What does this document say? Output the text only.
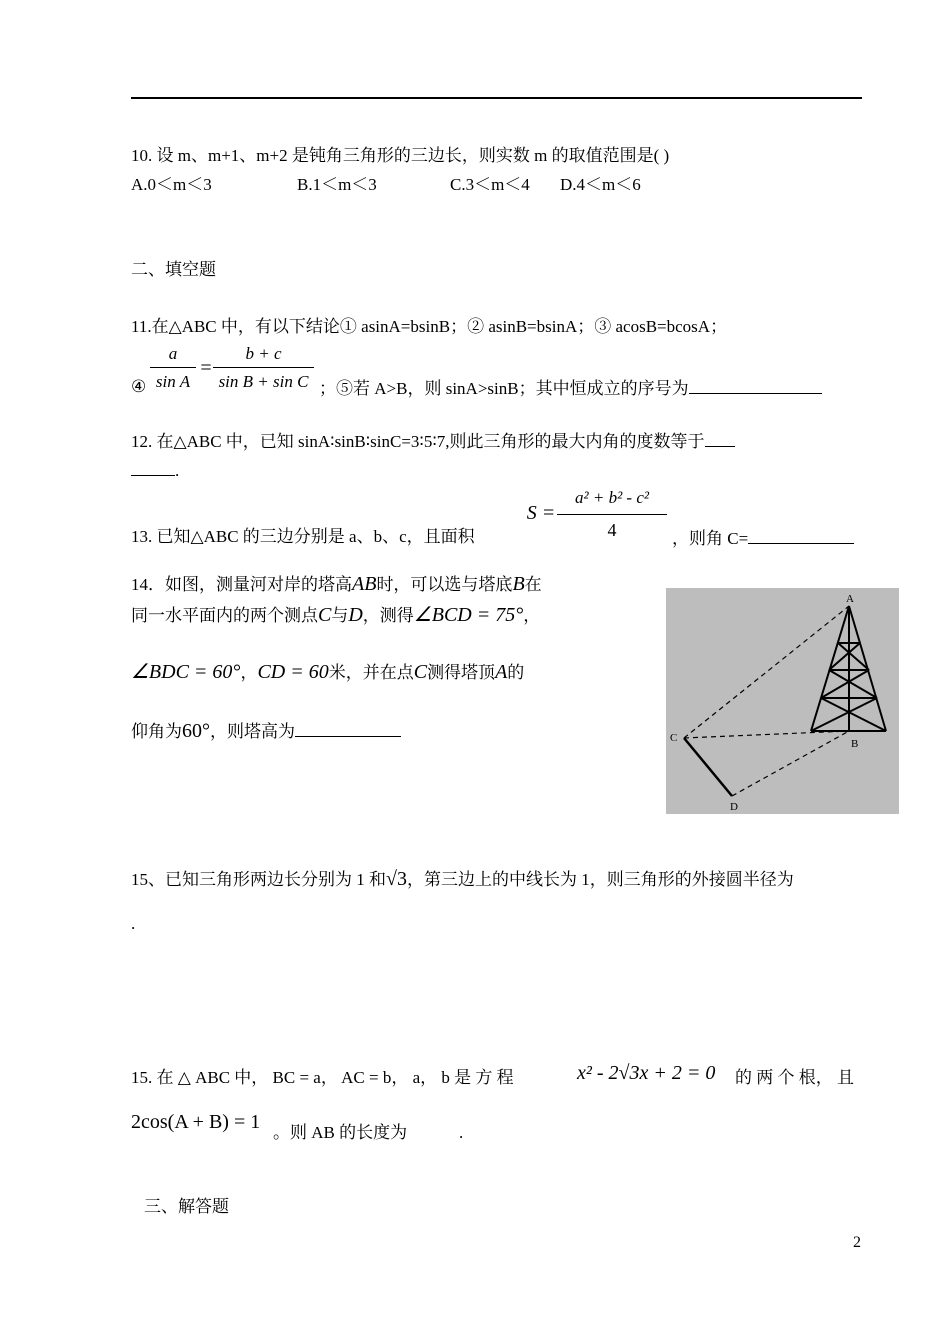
10. 设 m、m+1、m+2 是钝角三角形的三边长，则实数 m 的取值范围是( )
A.0＜m＜3	B.1＜m＜3	C.3＜m＜4 D.4＜m＜6
二、填空题
11.在△ABC 中，有以下结论① asinA=bsinB；② asinB=bsinA；③ acosB=bcosA；
④
a
sin A
=
b + c
sin B + sin C ；⑤若 A>B，则 sinA>sinB；其中恒成立的序号为
12. 在△ABC 中，已知 sinA∶sinB∶sinC=3∶5∶7,则此三角形的最大内角的度数等于
.
13. 已知△ABC 的三边分别是 a、b、c，且面积
S =
a² + b² - c²
4	，则角 C=
14．如图，测量河对岸的塔高AB时，可以选与塔底B在
同一水平面内的两个测点C与D，测得∠BCD = 75°，
∠BDC = 60°，CD = 60米，并在点C测得塔顶A的
仰角为60°，则塔高为
A
C	B
D
15、已知三角形两边长分别为 1 和√3，第三边上的中线长为 1，则三角形的外接圆半径为
.
15. 在 △ ABC 中， BC = a， AC = b， a， b 是 方 程	x² - 2√3x + 2 = 0 的 两 个 根， 且
2cos(A + B) = 1 。则 AB 的长度为	.
三、解答题
2
